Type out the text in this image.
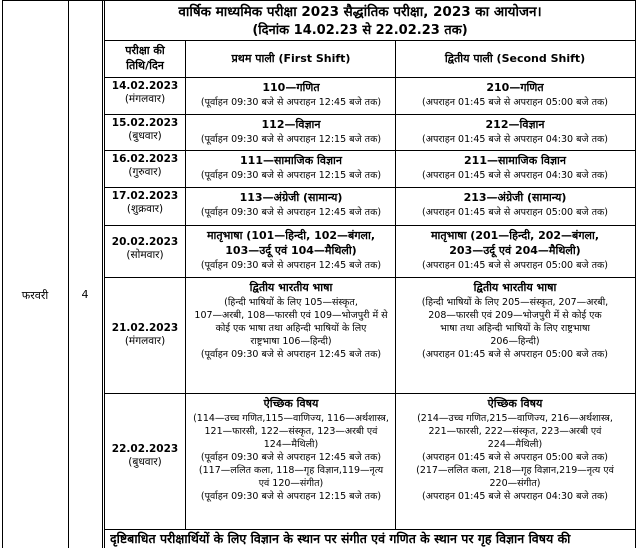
वार्षिक माध्यमिक परीक्षा 2023 सैद्धांतिक परीक्षा, 2023 का आयोजन।
(दिनांक 14.02.23 से 22.02.23 तक)
फरवरी	4
परीक्षा की
तिथि/दिन
प्रथम पाली (First Shift)	द्वितीय पाली (Second Shift)
14.02.2023
(मंगलवार)
110—गणित
(पूर्वाहन 09:30 बजे से अपराहन 12:45 बजे तक)
210—गणित
(अपराहन 01:45 बजे से अपराहन 05:00 बजे तक)
15.02.2023
(बुधवार)
112—विज्ञान
(पूर्वाहन 09:30 बजे से अपराहन 12:15 बजे तक)
212—विज्ञान
(अपराहन 01:45 बजे से अपराहन 04:30 बजे तक)
16.02.2023
(गुरुवार)
111—सामाजिक विज्ञान
(पूर्वाहन 09:30 बजे से अपराहन 12:15 बजे तक)
211—सामाजिक विज्ञान
(अपराहन 01:45 बजे से अपराहन 04:30 बजे तक)
17.02.2023
(शुक्रवार)
113—अंग्रेजी (सामान्य)
(पूर्वाहन 09:30 बजे से अपराहन 12:45 बजे तक)
213—अंग्रेजी (सामान्य)
(अपराहन 01:45 बजे से अपराहन 05:00 बजे तक)
20.02.2023
(सोमवार)
मातृभाषा (101—हिन्दी, 102—बंगला,
103—उर्दू एवं 104—मैथिली)
(पूर्वाहन 09:30 बजे से अपराहन 12:45 बजे तक)
मातृभाषा (201—हिन्दी, 202—बंगला,
203—उर्दू एवं 204—मैथिली)
(अपराहन 01:45 बजे से अपराहन 05:00 बजे तक)
21.02.2023
(मंगलवार)
द्वितीय भारतीय भाषा
(हिन्दी भाषियों के लिए 105—संस्कृत,
107—अरबी, 108—फारसी एवं 109—भोजपुरी में से
कोई एक भाषा तथा अहिन्दी भाषियों के लिए
राष्ट्रभाषा 106—हिन्दी)
(पूर्वाहन 09:30 बजे से अपराहन 12:45 बजे तक)
द्वितीय भारतीय भाषा
(हिन्दी भाषियों के लिए 205—संस्कृत, 207—अरबी,
208—फारसी एवं 209—भोजपुरी में से कोई एक
भाषा तथा अहिन्दी भाषियों के लिए राष्ट्रभाषा
206—हिन्दी)
(अपराहन 01:45 बजे से अपराहन 05:00 बजे तक)
22.02.2023
(बुधवार)
ऐच्छिक विषय
(114—उच्च गणित,115—वाणिज्य, 116—अर्थशास्त्र,
121—फारसी, 122—संस्कृत, 123—अरबी एवं
124—मैथिली)
(पूर्वाहन 09:30 बजे से अपराहन 12:45 बजे तक)
(117—ललित कला, 118—गृह विज्ञान,119—नृत्य
एवं 120—संगीत)
(पूर्वाहन 09:30 बजे से अपराहन 12:15 बजे तक)
ऐच्छिक विषय
(214—उच्च गणित,215—वाणिज्य, 216—अर्थशास्त्र,
221—फारसी, 222—संस्कृत, 223—अरबी एवं
224—मैथिली)
(अपराहन 01:45 बजे से अपराहन 05:00 बजे तक)
(217—ललित कला, 218—गृह विज्ञान,219—नृत्य एवं
220—संगीत)
(अपराहन 01:45 बजे से अपराहन 04:30 बजे तक)
दृष्टिबाधित परीक्षार्थियों के लिए विज्ञान के स्थान पर संगीत एवं गणित के स्थान पर गृह विज्ञान विषय की
